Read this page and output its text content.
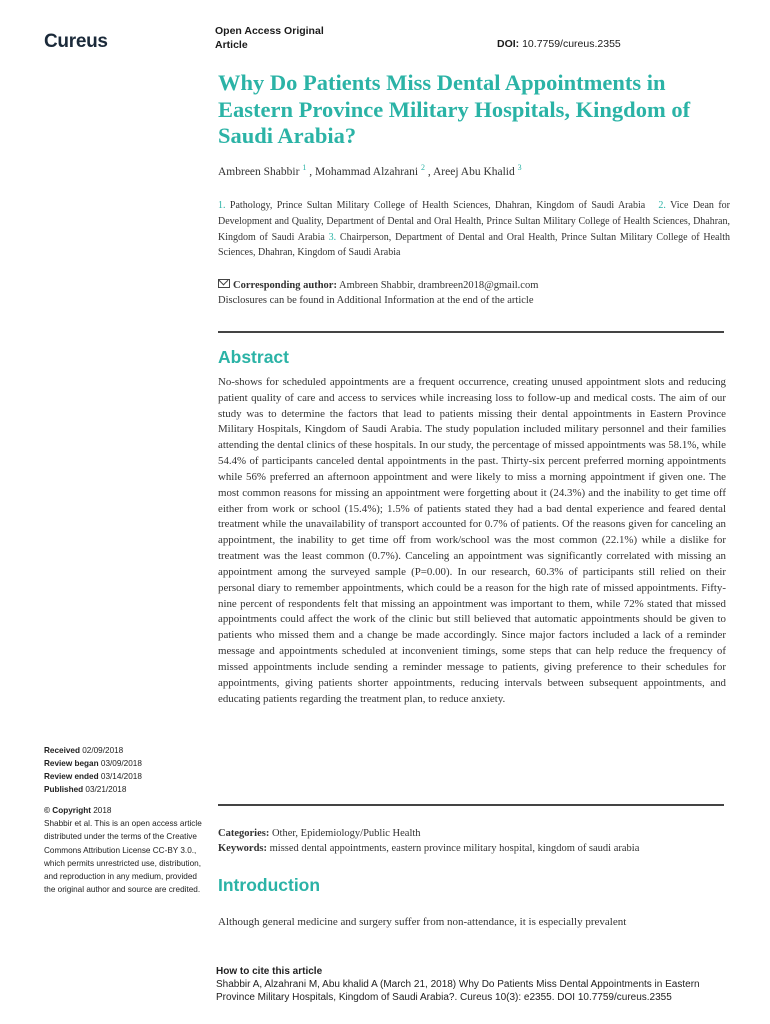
Cureus	Open Access Original
Article	DOI: 10.7759/cureus.2355
Why Do Patients Miss Dental Appointments in Eastern Province Military Hospitals, Kingdom of Saudi Arabia?
Ambreen Shabbir $^1$ , Mohammad Alzahrani $^2$ , Areej Abu Khalid $^3$
1. Pathology, Prince Sultan Military College of Health Sciences, Dhahran, Kingdom of Saudi Arabia 2. Vice Dean for Development and Quality, Department of Dental and Oral Health, Prince Sultan Military College of Health Sciences, Dhahran, Kingdom of Saudi Arabia 3. Chairperson, Department of Dental and Oral Health, Prince Sultan Military College of Health Sciences, Dhahran, Kingdom of Saudi Arabia
Corresponding author: Ambreen Shabbir, drambreen2018@gmail.com
Disclosures can be found in Additional Information at the end of the article
Abstract
No-shows for scheduled appointments are a frequent occurrence, creating unused appointment slots and reducing patient quality of care and access to services while increasing loss to follow-up and medical costs. The aim of our study was to determine the factors that lead to patients missing their dental appointments in Eastern Province Military Hospitals, Kingdom of Saudi Arabia. The study population included military personnel and their families attending the dental clinics of these hospitals. In our study, the percentage of missed appointments was 58.1%, while 54.4% of participants canceled dental appointments in the past. Thirty-six percent preferred morning appointments while 56% preferred an afternoon appointment and were likely to miss a morning appointment if given one. The most common reasons for missing an appointment were forgetting about it (24.3%) and the inability to get time off either from work or school (15.4%); 1.5% of patients stated they had a bad dental experience and feared dental treatment while the unavailability of transport accounted for 0.7% of patients. Of the reasons given for canceling an appointment, the inability to get time off from work/school was the most common (22.1%) while a dislike for treatment was the least common (0.7%). Canceling an appointment was significantly correlated with missing an appointment among the surveyed sample (P=0.00). In our research, 60.3% of participants still relied on their personal diary to remember appointments, which could be a reason for the high rate of missed appointments. Fifty-nine percent of respondents felt that missing an appointment was important to them, while 72% stated that missed appointments could affect the work of the clinic but still believed that automatic appointments should be given to patients who missed them and a change be made accordingly. Since major factors included a lack of a reminder message and appointments scheduled at inconvenient timings, some steps that can help reduce the frequency of missed appointments include sending a reminder message to patients, giving preference to their schedules for appointments, giving patients shorter appointments, reducing intervals between subsequent appointments, and educating patients regarding the treatment plan, to reduce anxiety.
Received 02/09/2018
Review began 03/09/2018
Review ended 03/14/2018
Published 03/21/2018
© Copyright 2018
Shabbir et al. This is an open access article distributed under the terms of the Creative Commons Attribution License CC-BY 3.0., which permits unrestricted use, distribution, and reproduction in any medium, provided the original author and source are credited.
Categories: Other, Epidemiology/Public Health
Keywords: missed dental appointments, eastern province military hospital, kingdom of saudi arabia
Introduction
Although general medicine and surgery suffer from non-attendance, it is especially prevalent
How to cite this article
Shabbir A, Alzahrani M, Abu khalid A (March 21, 2018) Why Do Patients Miss Dental Appointments in Eastern Province Military Hospitals, Kingdom of Saudi Arabia?. Cureus 10(3): e2355. DOI 10.7759/cureus.2355
